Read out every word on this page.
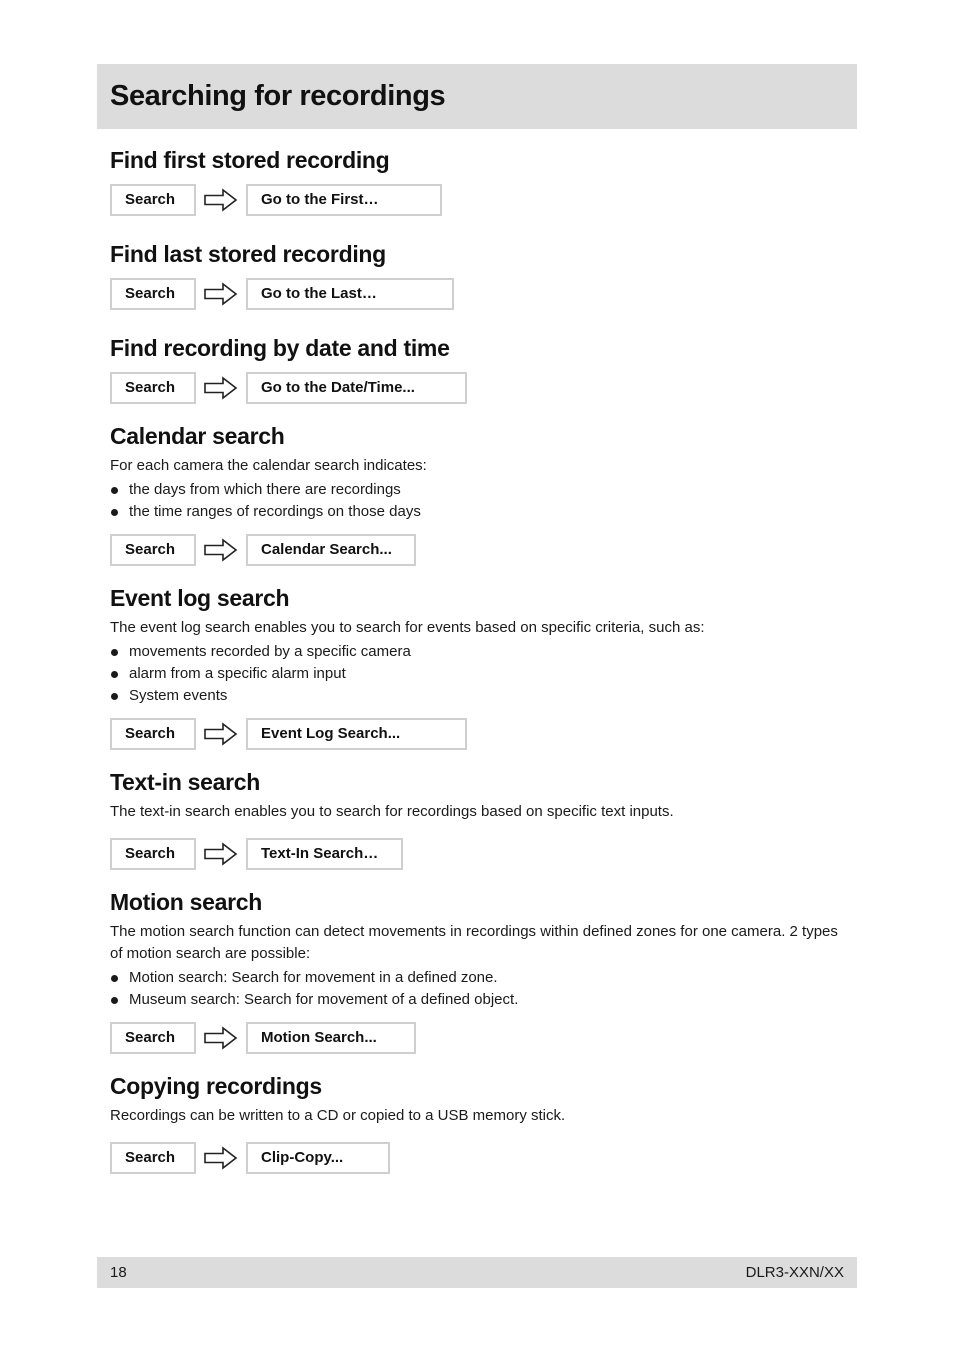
Searching for recordings
Find first stored recording
Search	Go to the First…
Find last stored recording
Search	Go to the Last…
Find recording by date and time
Search	Go to the Date/Time...
Calendar search

For each camera the calendar search indicates:

the days from which there are recordings
the time ranges of recordings on those days
Search	Calendar Search...
Event log search

The event log search enables you to search for events based on specific criteria, such as:

movements recorded by a specific camera
alarm from a specific alarm input
System events
Search	Event Log Search...
Text-in search

The text-in search enables you to search for recordings based on specific text inputs.

Search	Text-In Search…
Motion search

The motion search function can detect movements in recordings within defined zones for one camera. 2 types of motion search are possible:

Motion search: Search for movement in a defined zone.
Museum search: Search for movement of a defined object.
Search	Motion Search...
Copying recordings

Recordings can be written to a CD or copied to a USB memory stick.

Search	Clip-Copy...
18	DLR3-XXN/XX
